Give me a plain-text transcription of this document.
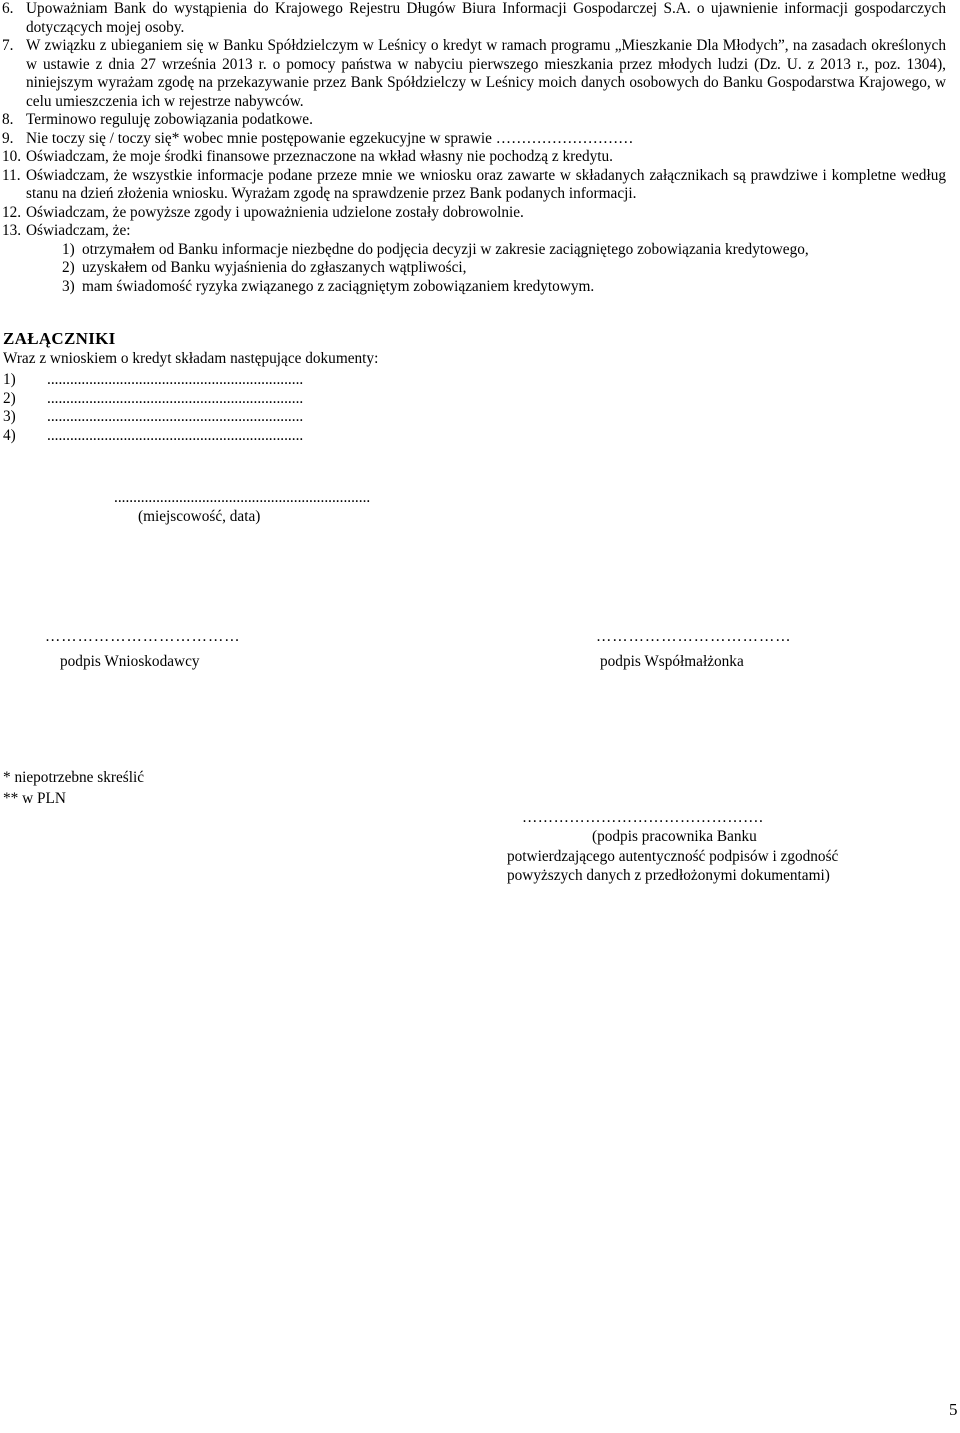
6. Upoważniam Bank do wystąpienia do Krajowego Rejestru Długów Biura Informacji Gospodarczej S.A. o ujawnienie informacji gospodarczych dotyczących mojej osoby.
7. W związku z ubieganiem się w Banku Spółdzielczym w Leśnicy o kredyt w ramach programu „Mieszkanie Dla Młodych”, na zasadach określonych w ustawie z dnia 27 września 2013 r. o pomocy państwa w nabyciu pierwszego mieszkania przez młodych ludzi (Dz. U. z 2013 r., poz. 1304), niniejszym wyrażam zgodę na przekazywanie przez Bank Spółdzielczy w Leśnicy moich danych osobowych do Banku Gospodarstwa Krajowego, w celu umieszczenia ich w rejestrze nabywców.
8. Terminowo reguluję zobowiązania podatkowe.
9. Nie toczy się / toczy się* wobec mnie postępowanie egzekucyjne w sprawie ………………………
10. Oświadczam, że moje środki finansowe przeznaczone na wkład własny nie pochodzą z kredytu.
11. Oświadczam, że wszystkie informacje podane przeze mnie we wniosku oraz zawarte w składanych załącznikach są prawdziwe i kompletne według stanu na dzień złożenia wniosku. Wyrażam zgodę na sprawdzenie przez Bank podanych informacji.
12. Oświadczam, że powyższe zgody i upoważnienia udzielone zostały dobrowolnie.
13. Oświadczam, że:
1) otrzymałem od Banku informacje niezbędne do podjęcia decyzji w zakresie zaciągniętego zobowiązania kredytowego,
2) uzyskałem od Banku wyjaśnienia do zgłaszanych wątpliwości,
3) mam świadomość ryzyka związanego z zaciągniętym zobowiązaniem kredytowym.
ZAŁĄCZNIKI
Wraz z wnioskiem o kredyt składam następujące dokumenty:
1)	...................................................................
2)	...................................................................
3)	...................................................................
4)	...................................................................
...................................................................
(miejscowość, data)
………………………………
podpis Wnioskodawcy
………………………………
podpis Współmałżonka
* niepotrzebne skreślić
** w PLN
……………………………………….
(podpis pracownika Banku
potwierdzającego autentyczność podpisów i zgodność
powyższych danych z przedłożonymi dokumentami)
5
